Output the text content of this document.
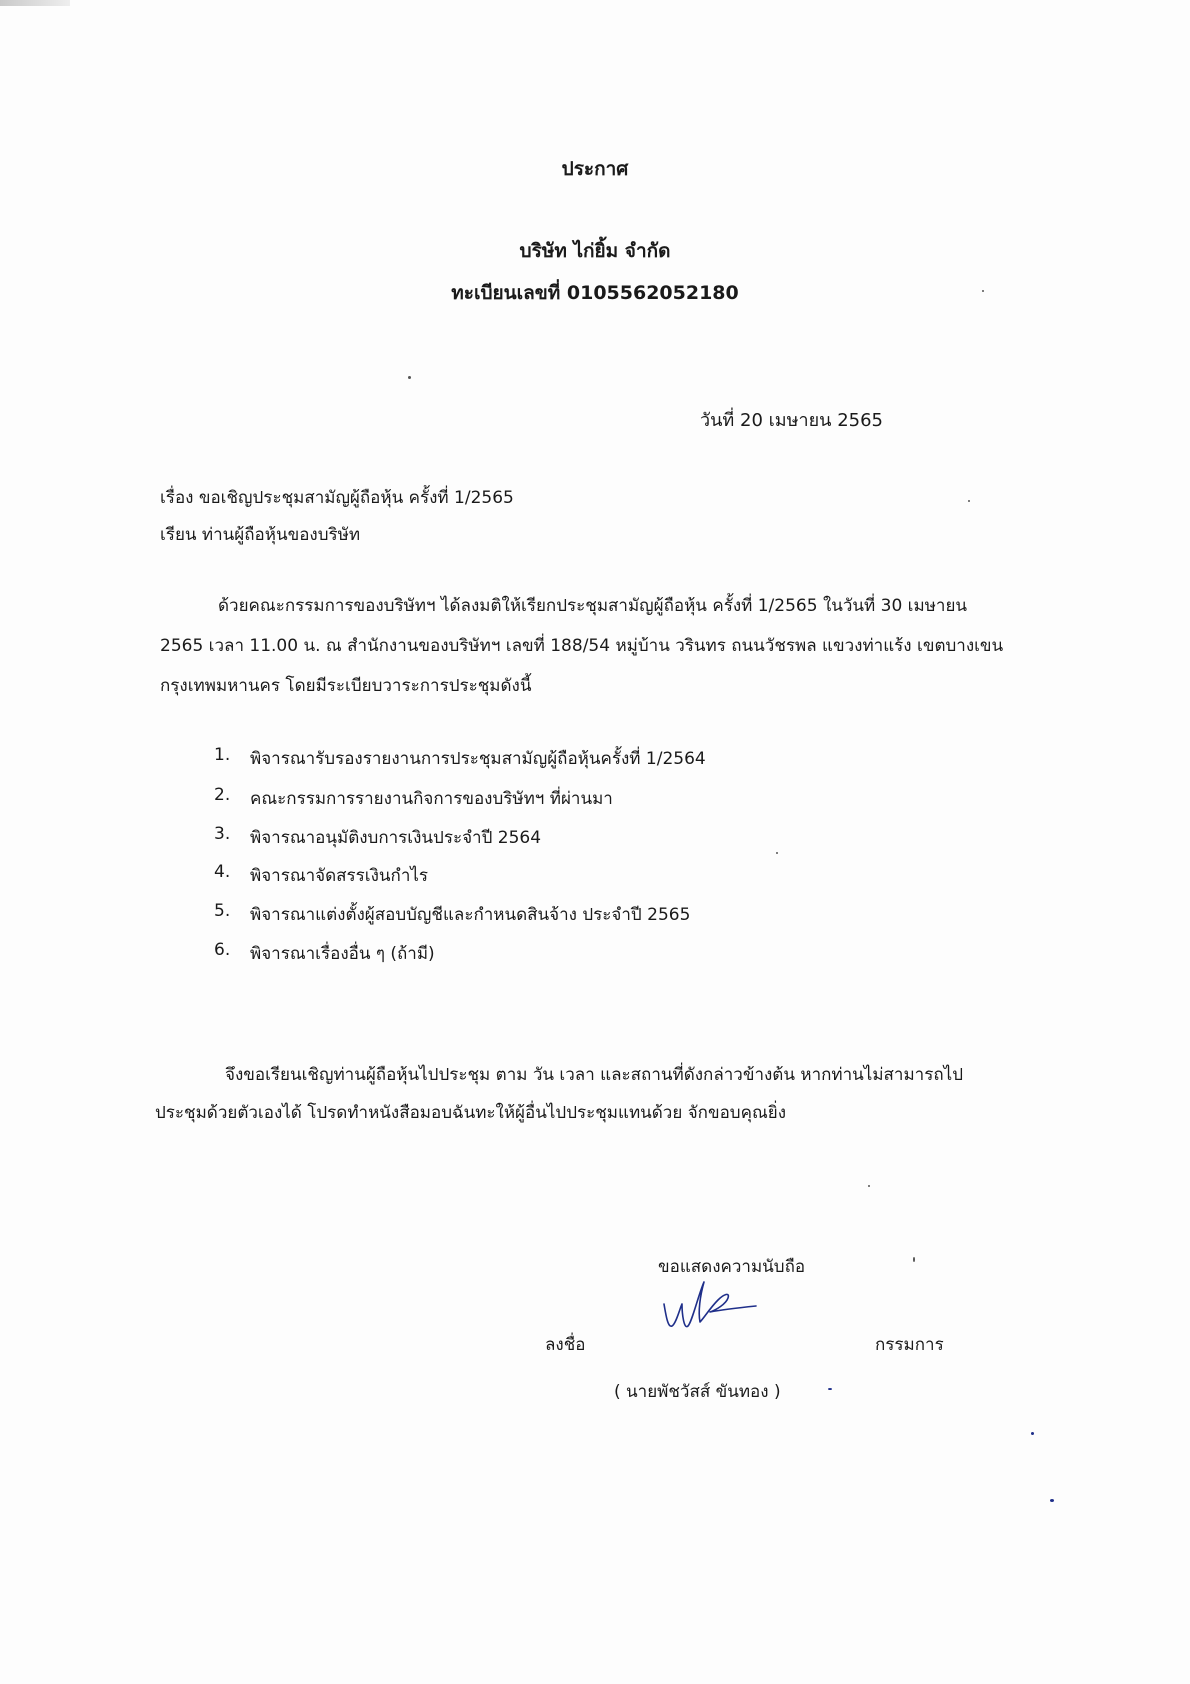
ประกาศ
บริษัท ไก่ยิ้ม จำกัด
ทะเบียนเลขที่ 0105562052180
วันที่ 20 เมษายน 2565
เรื่อง ขอเชิญประชุมสามัญผู้ถือหุ้น ครั้งที่ 1/2565
เรียน ท่านผู้ถือหุ้นของบริษัท
ด้วยคณะกรรมการของบริษัทฯ ได้ลงมติให้เรียกประชุมสามัญผู้ถือหุ้น ครั้งที่ 1/2565 ในวันที่ 30 เมษายน
2565 เวลา 11.00 น. ณ สำนักงานของบริษัทฯ เลขที่ 188/54 หมู่บ้าน วรินทร ถนนวัชรพล แขวงท่าแร้ง เขตบางเขน
กรุงเทพมหานคร โดยมีระเบียบวาระการประชุมดังนี้
1. พิจารณารับรองรายงานการประชุมสามัญผู้ถือหุ้นครั้งที่ 1/2564
2. คณะกรรมการรายงานกิจการของบริษัทฯ ที่ผ่านมา
3. พิจารณาอนุมัติงบการเงินประจำปี 2564
4. พิจารณาจัดสรรเงินกำไร
5. พิจารณาแต่งตั้งผู้สอบบัญชีและกำหนดสินจ้าง ประจำปี 2565
6. พิจารณาเรื่องอื่น ๆ (ถ้ามี)
จึงขอเรียนเชิญท่านผู้ถือหุ้นไปประชุม ตาม วัน เวลา และสถานที่ดังกล่าวข้างต้น หากท่านไม่สามารถไป
ประชุมด้วยตัวเองได้ โปรดทำหนังสือมอบฉันทะให้ผู้อื่นไปประชุมแทนด้วย จักขอบคุณยิ่ง
ขอแสดงความนับถือ
ลงชื่อ	กรรมการ
( นายพัชวัสส์ ขันทอง )
